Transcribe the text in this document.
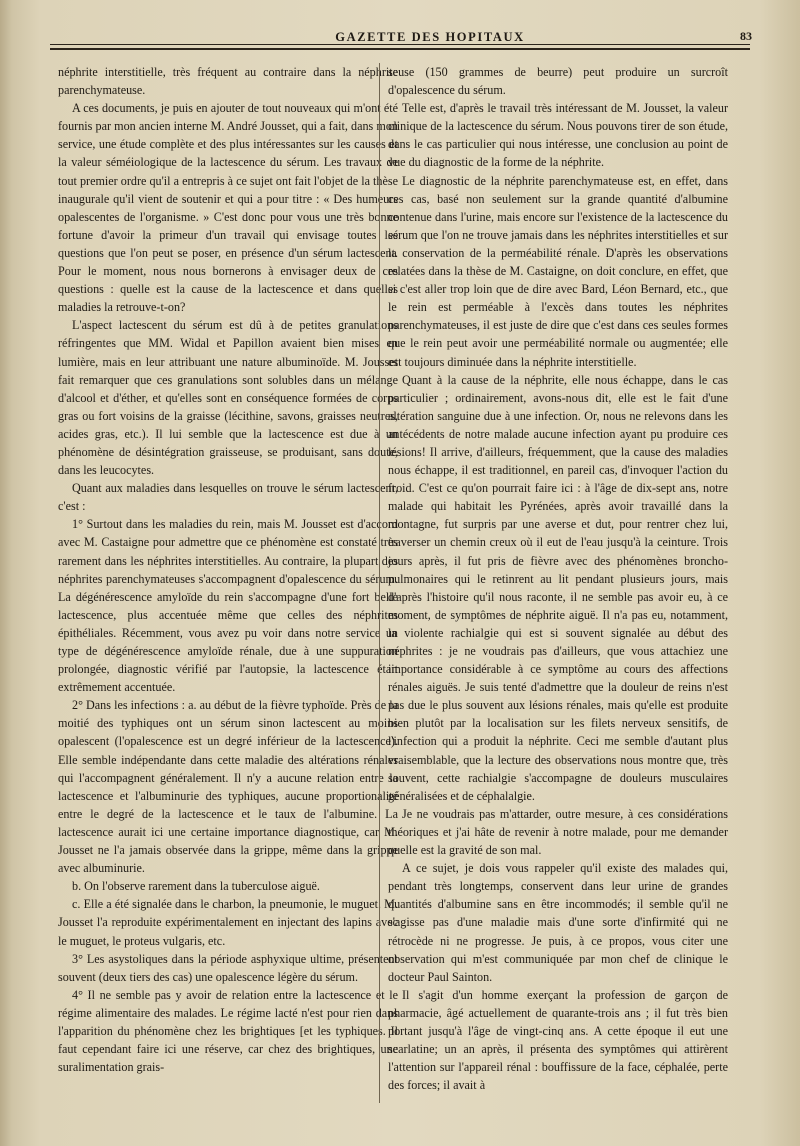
GAZETTE DES HOPITAUX	83

néphrite interstitielle, très fréquent au contraire dans la néphrite parenchymateuse.

A ces documents, je puis en ajouter de tout nouveaux qui m'ont été fournis par mon ancien interne M. André Jousset, qui a fait, dans mon service, une étude complète et des plus intéressantes sur les causes et la valeur séméiologique de la lactescence du sérum. Les travaux de tout premier ordre qu'il a entrepris à ce sujet ont fait l'objet de la thèse inaugurale qu'il vient de soutenir et qui a pour titre : « Des humeurs opalescentes de l'organisme. » C'est donc pour vous une très bonne fortune d'avoir la primeur d'un travail qui envisage toutes les questions que l'on peut se poser, en présence d'un sérum lactescent. Pour le moment, nous nous bornerons à envisager deux de ces questions : quelle est la cause de la lactescence et dans quelles maladies la retrouve-t-on?

L'aspect lactescent du sérum est dû à de petites granulations réfringentes que MM. Widal et Papillon avaient bien mises en lumière, mais en leur attribuant une nature albuminoïde. M. Jousset fait remarquer que ces granulations sont solubles dans un mélange d'alcool et d'éther, et qu'elles sont en conséquence formées de corps gras ou fort voisins de la graisse (lécithine, savons, graisses neutres, acides gras, etc.). Il lui semble que la lactescence est due à un phénomène de désintégration graisseuse, se produisant, sans doute, dans les leucocytes.

Quant aux maladies dans lesquelles on trouve le sérum lactescent, c'est :

1° Surtout dans les maladies du rein, mais M. Jousset est d'accord avec M. Castaigne pour admettre que ce phénomène est constaté très rarement dans les néphrites interstitielles. Au contraire, la plupart des néphrites parenchymateuses s'accompagnent d'opalescence du sérum. La dégénérescence amyloïde du rein s'accompagne d'une fort belle lactescence, plus accentuée même que celles des néphrites épithéliales. Récemment, vous avez pu voir dans notre service un type de dégénérescence amyloïde rénale, due à une suppuration prolongée, diagnostic vérifié par l'autopsie, la lactescence était extrêmement accentuée.

2° Dans les infections : a. au début de la fièvre typhoïde. Près de la moitié des typhiques ont un sérum sinon lactescent au moins opalescent (l'opalescence est un degré inférieur de la lactescence). Elle semble indépendante dans cette maladie des altérations rénales qui l'accompagnent généralement. Il n'y a aucune relation entre la lactescence et l'albuminurie des typhiques, aucune proportionalité entre le degré de la lactescence et le taux de l'albumine. La lactescence aurait ici une certaine importance diagnostique, car M. Jousset ne l'a jamais observée dans la grippe, même dans la grippe avec albuminurie.

b. On l'observe rarement dans la tuberculose aiguë.

c. Elle a été signalée dans le charbon, la pneumonie, le muguet. M. Jousset l'a reproduite expérimentalement en injectant des lapins avec le muguet, le proteus vulgaris, etc.

3° Les asystoliques dans la période asphyxique ultime, présentent souvent (deux tiers des cas) une opalescence légère du sérum.

4° Il ne semble pas y avoir de relation entre la lactescence et le régime alimentaire des malades. Le régime lacté n'est pour rien dans l'apparition du phénomène chez les brightiques [et les typhiques. Il faut cependant faire ici une réserve, car chez des brightiques, une suralimentation grais-

seuse (150 grammes de beurre) peut produire un surcroît d'opalescence du sérum.

Telle est, d'après le travail très intéressant de M. Jousset, la valeur clinique de la lactescence du sérum. Nous pouvons tirer de son étude, dans le cas particulier qui nous intéresse, une conclusion au point de vue du diagnostic de la forme de la néphrite.

Le diagnostic de la néphrite parenchymateuse est, en effet, dans ces cas, basé non seulement sur la grande quantité d'albumine contenue dans l'urine, mais encore sur l'existence de la lactescence du sérum que l'on ne trouve jamais dans les néphrites interstitielles et sur la conservation de la perméabilité rénale. D'après les observations relatées dans la thèse de M. Castaigne, on doit conclure, en effet, que si c'est aller trop loin que de dire avec Bard, Léon Bernard, etc., que le rein est perméable à l'excès dans toutes les néphrites parenchymateuses, il est juste de dire que c'est dans ces seules formes que le rein peut avoir une perméabilité normale ou augmentée; elle est toujours diminuée dans la néphrite interstitielle.

Quant à la cause de la néphrite, elle nous échappe, dans le cas particulier ; ordinairement, avons-nous dit, elle est le fait d'une altération sanguine due à une infection. Or, nous ne relevons dans les antécédents de notre malade aucune infection ayant pu produire ces lésions! Il arrive, d'ailleurs, fréquemment, que la cause des maladies nous échappe, il est traditionnel, en pareil cas, d'invoquer l'action du froid. C'est ce qu'on pourrait faire ici : à l'âge de dix-sept ans, notre malade qui habitait les Pyrénées, après avoir travaillé dans la montagne, fut surpris par une averse et dut, pour rentrer chez lui, traverser un chemin creux où il eut de l'eau jusqu'à la ceinture. Trois jours après, il fut pris de fièvre avec des phénomènes broncho-pulmonaires qui le retinrent au lit pendant plusieurs jours, mais d'après l'histoire qu'il nous raconte, il ne semble pas avoir eu, à ce moment, de symptômes de néphrite aiguë. Il n'a pas eu, notamment, la violente rachialgie qui est si souvent signalée au début des néphrites : je ne voudrais pas d'ailleurs, que vous attachiez une importance considérable à ce symptôme au cours des affections rénales aiguës. Je suis tenté d'admettre que la douleur de reins n'est pas due le plus souvent aux lésions rénales, mais qu'elle est produite bien plutôt par la localisation sur les filets nerveux sensitifs, de l'infection qui a produit la néphrite. Ceci me semble d'autant plus vraisemblable, que la lecture des observations nous montre que, très souvent, cette rachialgie s'accompagne de douleurs musculaires généralisées et de céphalalgie.

Je ne voudrais pas m'attarder, outre mesure, à ces considérations théoriques et j'ai hâte de revenir à notre malade, pour me demander quelle est la gravité de son mal.

A ce sujet, je dois vous rappeler qu'il existe des malades qui, pendant très longtemps, conservent dans leur urine de grandes quantités d'albumine sans en être incommodés; il semble qu'il ne s'agisse pas d'une maladie mais d'une sorte d'infirmité qui ne rétrocède ni ne progresse. Je puis, à ce propos, vous citer une observation qui m'est communiquée par mon chef de clinique le docteur Paul Sainton.

Il s'agit d'un homme exerçant la profession de garçon de pharmacie, âgé actuellement de quarante-trois ans ; il fut très bien portant jusqu'à l'âge de vingt-cinq ans. A cette époque il eut une scarlatine; un an après, il présenta des symptômes qui attirèrent l'attention sur l'appareil rénal : bouffissure de la face, céphalée, perte des forces; il avait à
